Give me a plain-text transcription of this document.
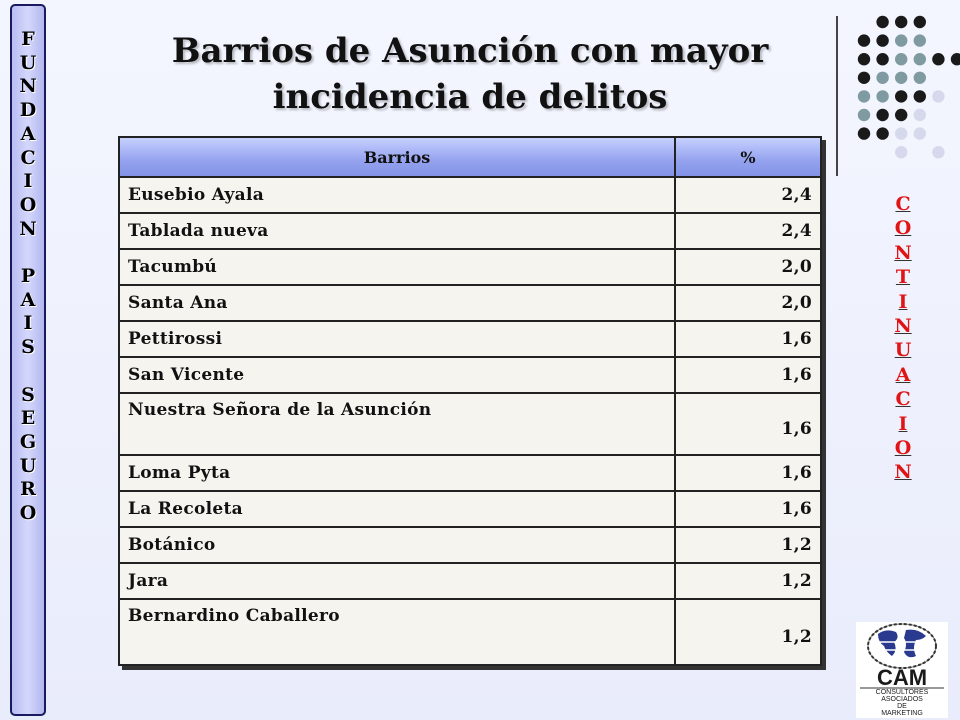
F
U
N
D
A
C
I
O
N
P
A
I
S
S
E
G
U
R
O
Barrios de Asunción con mayor
incidencia de delitos
Barrios	%
Eusebio Ayala	2,4
Tablada nueva	2,4
Tacumbú	2,0
Santa Ana	2,0
Pettirossi	1,6
San Vicente	1,6
Nuestra Señora de la Asunción	1,6
Loma Pyta	1,6
La Recoleta	1,6
Botánico	1,2
Jara	1,2
Bernardino Caballero	1,2
C
O
N
T
I
N
U
A
C
I
O
N
CAM
CONSULTORES
ASOCIADOS
DE
MARKETING
